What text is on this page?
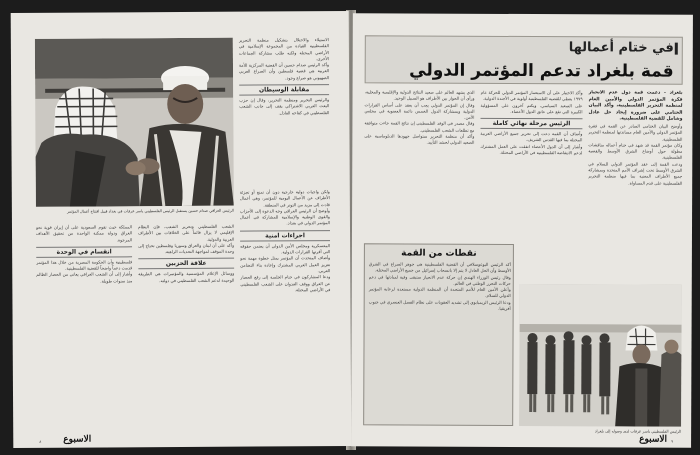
الرئيس العراقي صدام حسين يستقبل الرئيس الفلسطيني ياسر عرفات في بغداد قبيل افتتاح أعمال المؤتمر

الاستيلاء والاحتلال بتشكيل منظمة التحرير الفلسطينية القيادة من المجموعة الإسلامية في الأراضي المحتلة ولكنه طلب مشاركة الجماعات الأخرى.

وأكد الرئيس صدام حسين أن القضية المركزية للأمة العربية هي قضية فلسطين وأن الصراع العربي الصهيوني هو صراع وجود.

مقابلة الوسيطان

والرئيس التحرير ومنظمة التحرير، وقال إن حزب البعث العربي الاشتراكي يقف إلى جانب الشعب الفلسطيني في كفاحه العادل.

ولكن واجبات دولية خارجية دون أن تمنع أو تجزئة الأطراف عن الأعمال اليومية للمؤتمر، وهي أعمال قادت إلى مزيد من التوتر في المنطقة.

وأوضح أن الرئيس العراقي وجه الدعوة إلى الأحزاب والقوى الوطنية والإسلامية للمشاركة في أعمال المؤتمر الدولي في بغداد.

اجراءات امنية

المعسكرية ومجلس الأمن الدولي أن يضمن حقوقه التي أقرتها القرارات الدولية.

وأضاف المتحدث أن المؤتمر يمثل خطوة مهمة نحو تعزيز العمل العربي المشترك وإعادة بناء التضامن العربي.

ودعا المشاركون في ختام الجلسة إلى رفع الحصار عن العراق ووقف العدوان على الشعب الفلسطيني في الأراضي المحتلة.

الشعب الفلسطيني وتحرير الشعب، فإن النظام الإقليمي لا يزال قائماً على الخلافات بين الأطراف العربية والدولية.

وأكد على أن لبنان والعراق وسوريا وفلسطين تحتاج إلى وحدة الموقف لمواجهة التحديات الراهنة.

علاقة الحزبين

ووسائل الإعلام المؤسسية والمؤتمرات هي الطريقة الوحيدة لدعم الشعب الفلسطيني في دولته.

المملكة حيث تقوم السعودية على أن إيران قوية نحو العراق ودولة ممكنة الواحدة من تحقيق الأهداف المرجوة.

انقسام في الوحدة

فلسطينية وأن الحكومة المصرية من خلال هذا المؤتمر قدمت دعماً واضحاً للقضية الفلسطينية.

وأشار إلى أن الشعب العراقي يعاني من الحصار الظالم منذ سنوات طويلة.

الاسبوع
٨
في ختام أعمالها
قمة بلغراد تدعم المؤتمر الدولي
بلغراد - دعمت قمة دول عدم الانحياز فكرة المؤتمر الدولي والأمين العام لمنظمة التحرير الفلسطينية، وأكد البيان الختامي على ضرورة إيجاد حل عادل وشامل للقضية الفلسطينية.

وأوضح البيان الختامي الصادر عن القمة في فقرة المؤتمر الدولي والأمين العام مساندتها لمنظمة التحرير الفلسطينية.

وكان مؤتمر القمة قد شهد في ختام أعماله مناقشات مطولة حول أوضاع الشرق الأوسط والقضية الفلسطينية.

ودعت القمة إلى عقد المؤتمر الدولي للسلام في الشرق الأوسط تحت إشراف الأمم المتحدة وبمشاركة جميع الأطراف المعنية بما فيها منظمة التحرير الفلسطينية على قدم المساواة.

وأكد الاختيار على أن الاستعمار المؤتمر الدولي للحركة عام ١٩٧٩ يعطي للقضية الفلسطينية أولوية في الأجندة الدولية.

على الصعيد السياسي، ويكتم آخرون على المسؤولية الكبيرة التي تقع على عاتق الدول الأعضاء.

الرئيس مرحلة نهائي كاملة

وأضاف أن القمة دعت إلى تحرير جميع الأراضي العربية المحتلة بما فيها القدس الشريف.

وأشار إلى أن الدول الأعضاء اتفقت على العمل المشترك لدعم الانتفاضة الفلسطينية في الأراضي المحتلة.

الذي يشهد العالم على صعيد النتائج الدولية والإقليمية والمحلية، ورأى أن الحوار بين الأطراف هو السبيل الوحيد.

وقال إن المؤتمر الدولي يجب أن يعقد على أساس القرارات الدولية وبمشاركة الدول الخمس دائمة العضوية في مجلس الأمن.

وقال مصدر في الوفد الفلسطيني إن نتائج القمة جاءت متوافقة مع تطلعات الشعب الفلسطيني.

وأكد أن منظمة التحرير ستواصل جهودها الدبلوماسية على الصعيد الدولي لحشد التأييد.

نقطات من القمة

أكد الرئيس اليوغوسلافي أن القضية الفلسطينية هي جوهر الصراع في الشرق الأوسط وأن الحل العادل لا يتم إلا بانسحاب إسرائيل من جميع الأراضي المحتلة.

وقال رئيس الوزراء الهندي إن حركة عدم الانحياز ستبقى وفية لمبادئها في دعم حركات التحرر الوطني في العالم.

وأعلن الأمين العام للأمم المتحدة أن المنظمة الدولية مستعدة لرعاية المؤتمر الدولي للسلام.

ودعا الرئيس الزيمبابوي إلى تشديد العقوبات على نظام الفصل العنصري في جنوب أفريقيا.

الرئيس الفلسطيني ياسر عرفات لدى وصوله إلى بلغراد
الاسبوع ٩
